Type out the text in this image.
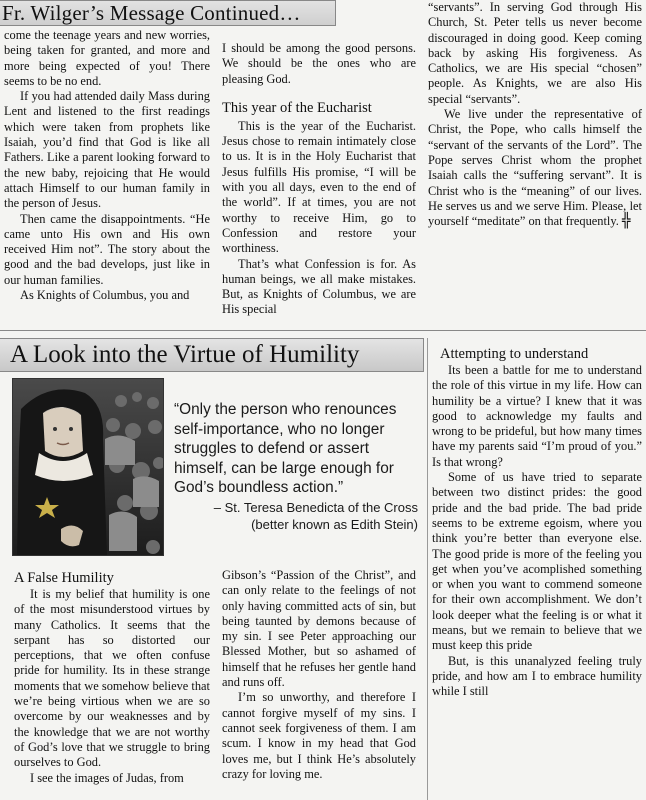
Fr. Wilger’s Message Continued…

come the teenage years and new worries, being taken for granted, and more and more being expected of you! There seems to be no end.

If you had attended daily Mass during Lent and listened to the first readings which were taken from prophets like Isaiah, you’d find that God is like all Fathers. Like a parent looking forward to the new baby, rejoicing that He would attach Himself to our human family in the person of Jesus.

Then came the disappointments. “He came unto His own and His own received Him not”. The story about the good and the bad develops, just like in our human families.

As Knights of Columbus, you and

I should be among the good persons. We should be the ones who are pleasing God.

This year of the Eucharist

This is the year of the Eucharist. Jesus chose to remain intimately close to us. It is in the Holy Eucharist that Jesus fulfills His promise, “I will be with you all days, even to the end of the world”. If at times, you are not worthy to receive Him, go to Confession and restore your worthiness.

That’s what Confession is for. As human beings, we all make mistakes. But, as Knights of Columbus, we are His special

“servants”. In serving God through His Church, St. Peter tells us never become discouraged in doing good. Keep coming back by asking His forgiveness. As Catholics, we are His special “chosen” people. As Knights, we are also His special “servants”.

We live under the representative of Christ, the Pope, who calls himself the “servant of the servants of the Lord”. The Pope serves Christ whom the prophet Isaiah calls the “suffering servant”. It is Christ who is the “meaning” of our lives. He serves us and we serve Him. Please, let yourself “meditate” on that frequently. ╬

A Look into the Virtue of Humility
“Only the person who renounces self-importance, who no longer struggles to defend or assert himself, can be large enough for God’s boundless action.”
– St. Teresa Benedicta of the Cross
(better known as Edith Stein)
A False Humility

It is my belief that humility is one of the most misunderstood virtues by many Catholics. It seems that the serpant has so distorted our perceptions, that we often confuse pride for humility. Its in these strange moments that we somehow believe that we’re being virtious when we are so overcome by our weaknesses and by the knowledge that we are not worthy of God’s love that we struggle to bring ourselves to God.

I see the images of Judas, from

Gibson’s “Passion of the Christ”, and can only relate to the feelings of not only having committed acts of sin, but being taunted by demons because of my sin. I see Peter approaching our Blessed Mother, but so ashamed of himself that he refuses her gentle hand and runs off.

I’m so unworthy, and therefore I cannot forgive myself of my sins. I cannot seek forgiveness of them. I am scum. I know in my head that God loves me, but I think He’s absolutely crazy for loving me.

Attempting to understand

Its been a battle for me to understand the role of this virtue in my life. How can humility be a virtue? I knew that it was good to acknowledge my faults and wrong to be prideful, but how many times have my parents said “I’m proud of you.” Is that wrong?

Some of us have tried to separate between two distinct prides: the good pride and the bad pride. The bad pride seems to be extreme egoism, where you think you’re better than everyone else. The good pride is more of the feeling you get when you’ve acomplished something or when you want to commend someone for their own accomplishment. We don’t look deeper what the feeling is or what it means, but we remain to believe that we must keep this pride

But, is this unanalyzed feeling truly pride, and how am I to embrace humility while I still
